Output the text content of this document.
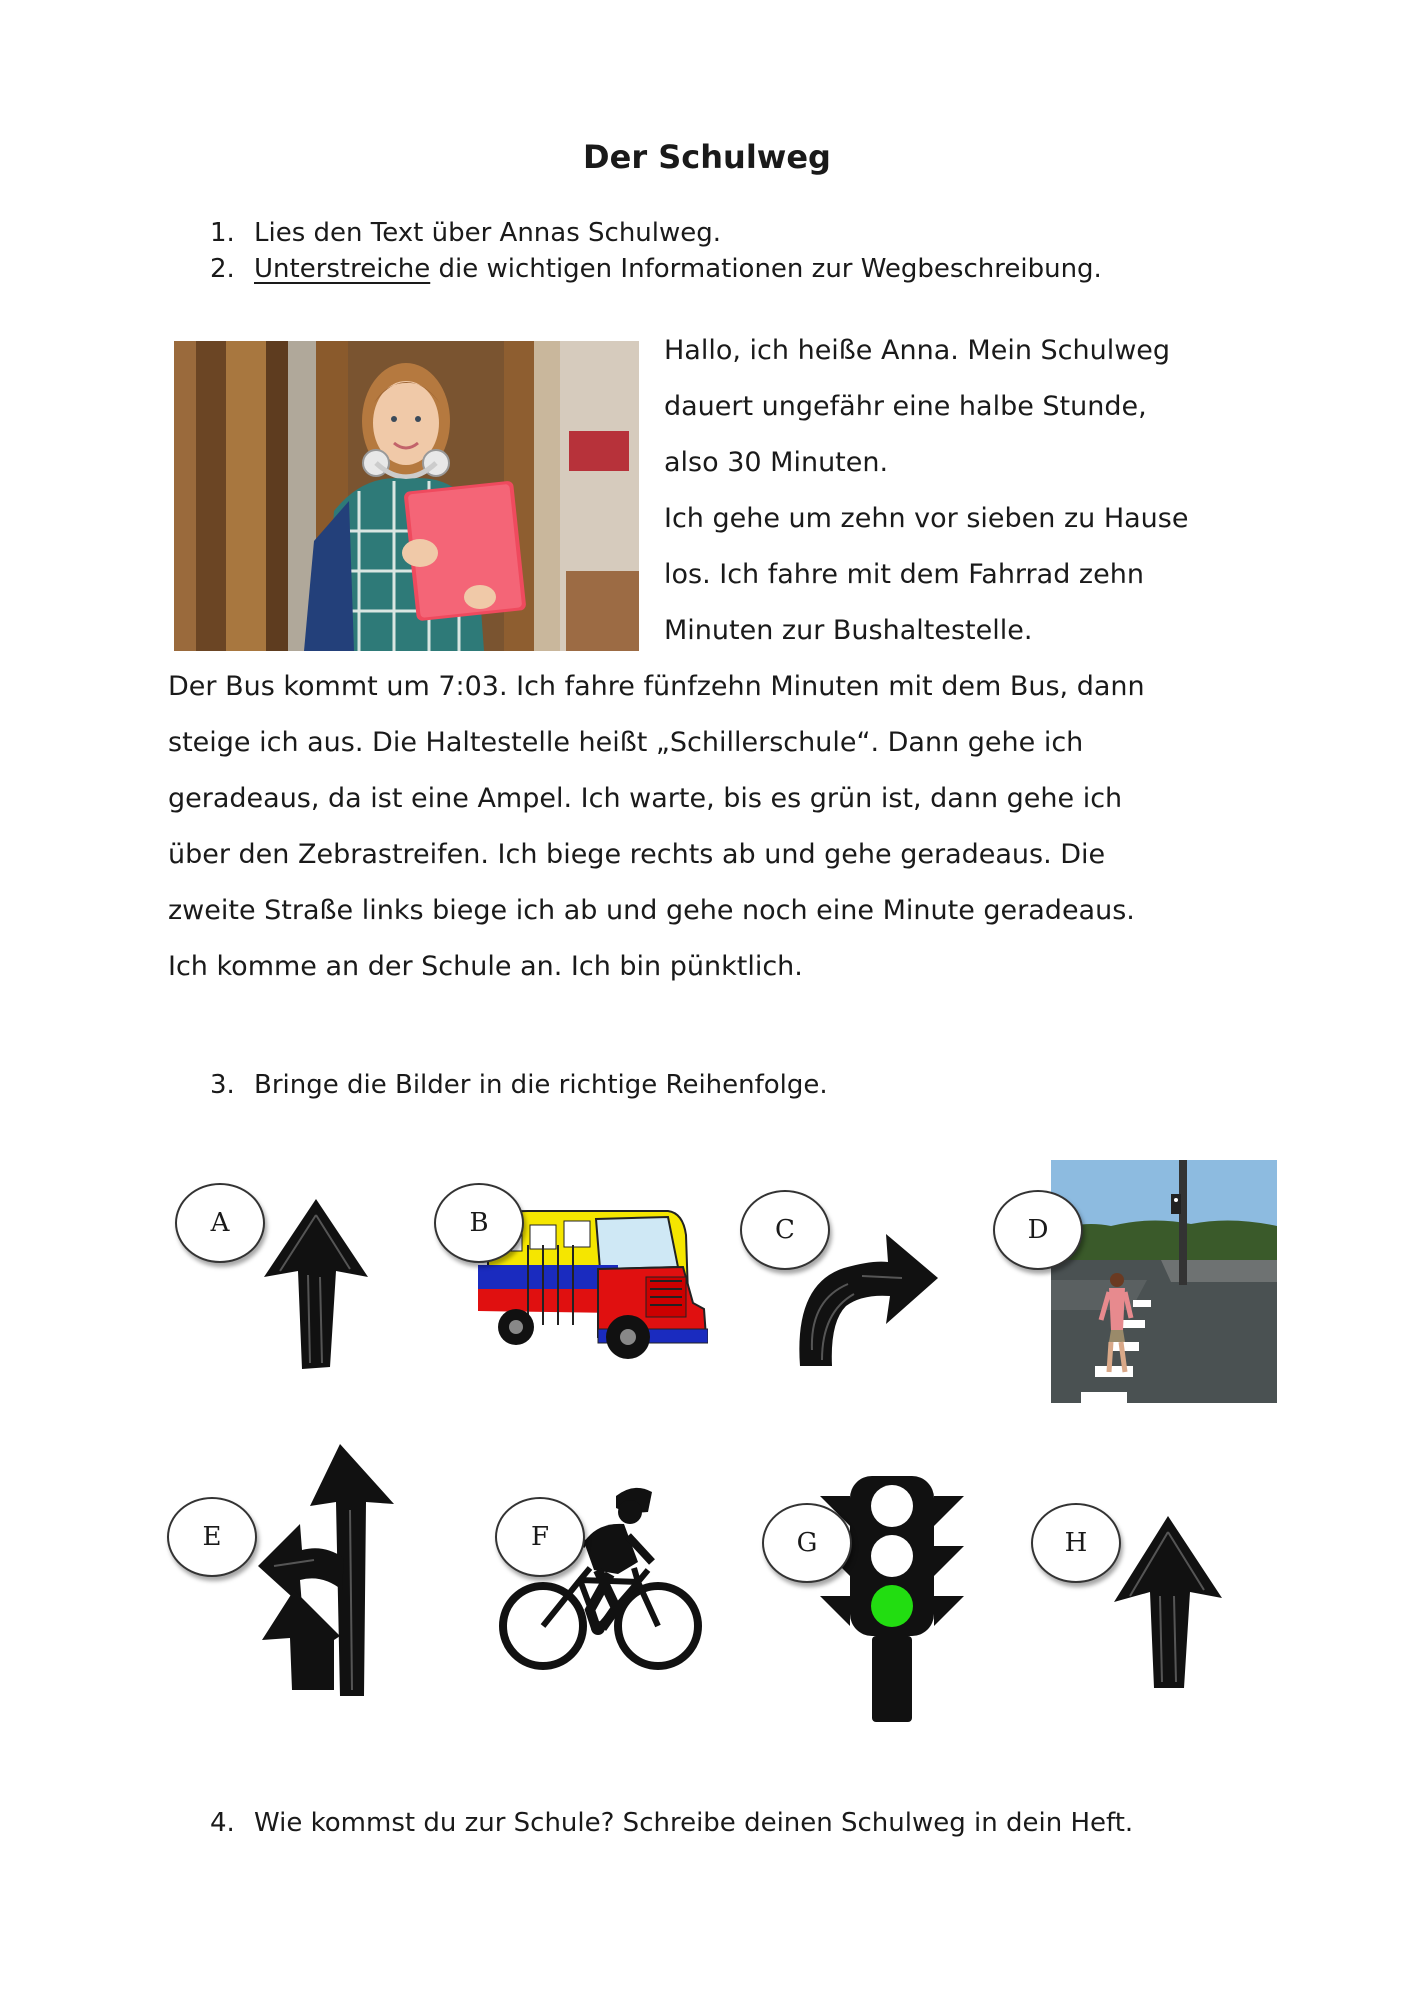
Der Schulweg
1. Lies den Text über Annas Schulweg.
2. Unterstreiche die wichtigen Informationen zur Wegbeschreibung.
Hallo, ich heiße Anna. Mein Schulweg
dauert ungefähr eine halbe Stunde,
also 30 Minuten.
Ich gehe um zehn vor sieben zu Hause
los. Ich fahre mit dem Fahrrad zehn
Minuten zur Bushaltestelle.
Der Bus kommt um 7:03. Ich fahre fünfzehn Minuten mit dem Bus, dann
steige ich aus. Die Haltestelle heißt „Schillerschule“. Dann gehe ich
geradeaus, da ist eine Ampel. Ich warte, bis es grün ist, dann gehe ich
über den Zebrastreifen. Ich biege rechts ab und gehe geradeaus. Die
zweite Straße links biege ich ab und gehe noch eine Minute geradeaus.
Ich komme an der Schule an. Ich bin pünktlich.
3. Bringe die Bilder in die richtige Reihenfolge.
A	B	C	D
E	F	G	H
4. Wie kommst du zur Schule? Schreibe deinen Schulweg in dein Heft.
